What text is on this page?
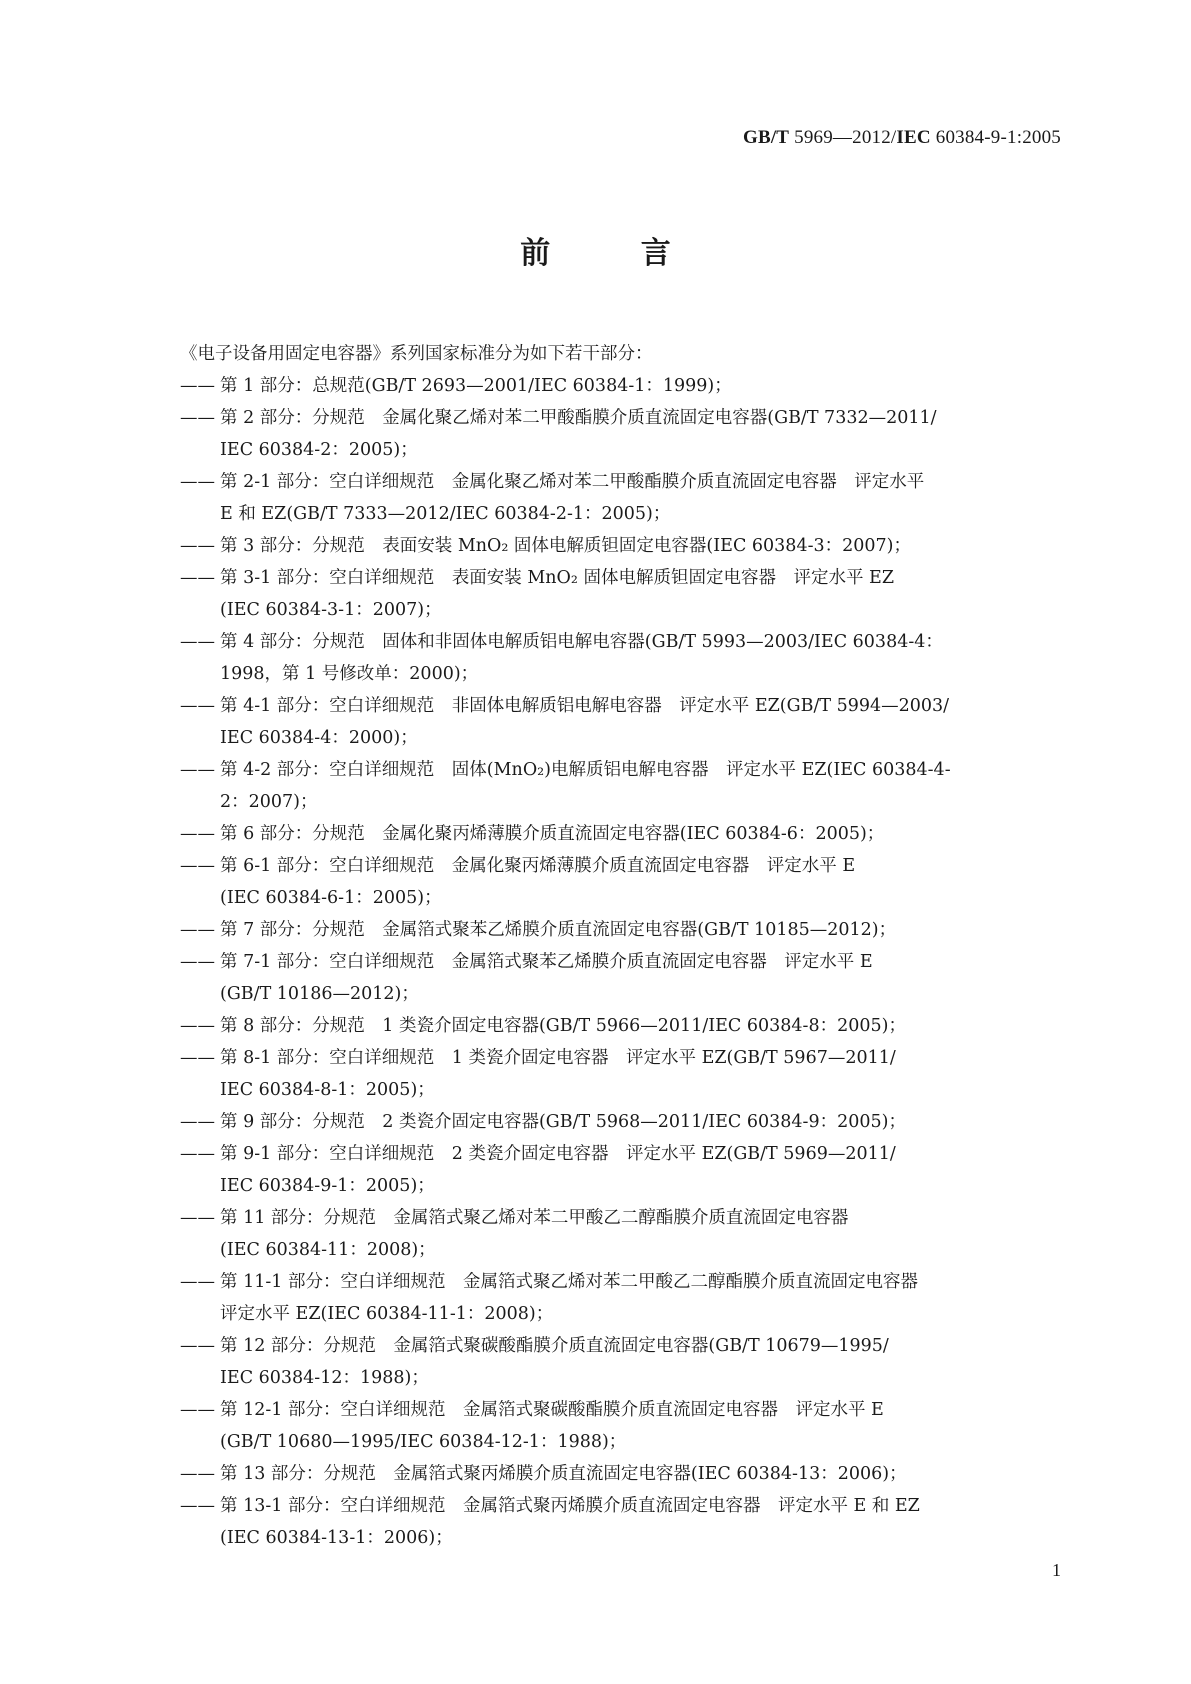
GB/T 5969—2012/IEC 60384-9-1:2005
前 言
《电子设备用固定电容器》系列国家标准分为如下若干部分：
—— 第 1 部分：总规范(GB/T 2693—2001/IEC 60384-1：1999)；
—— 第 2 部分：分规范　金属化聚乙烯对苯二甲酸酯膜介质直流固定电容器(GB/T 7332—2011/
IEC 60384-2：2005)；
—— 第 2-1 部分：空白详细规范　金属化聚乙烯对苯二甲酸酯膜介质直流固定电容器　评定水平
E 和 EZ(GB/T 7333—2012/IEC 60384-2-1：2005)；
—— 第 3 部分：分规范　表面安装 MnO₂ 固体电解质钽固定电容器(IEC 60384-3：2007)；
—— 第 3-1 部分：空白详细规范　表面安装 MnO₂ 固体电解质钽固定电容器　评定水平 EZ
(IEC 60384-3-1：2007)；
—— 第 4 部分：分规范　固体和非固体电解质铝电解电容器(GB/T 5993—2003/IEC 60384-4：
1998，第 1 号修改单：2000)；
—— 第 4-1 部分：空白详细规范　非固体电解质铝电解电容器　评定水平 EZ(GB/T 5994—2003/
IEC 60384-4：2000)；
—— 第 4-2 部分：空白详细规范　固体(MnO₂)电解质铝电解电容器　评定水平 EZ(IEC 60384-4-
2：2007)；
—— 第 6 部分：分规范　金属化聚丙烯薄膜介质直流固定电容器(IEC 60384-6：2005)；
—— 第 6-1 部分：空白详细规范　金属化聚丙烯薄膜介质直流固定电容器　评定水平 E
(IEC 60384-6-1：2005)；
—— 第 7 部分：分规范　金属箔式聚苯乙烯膜介质直流固定电容器(GB/T 10185—2012)；
—— 第 7-1 部分：空白详细规范　金属箔式聚苯乙烯膜介质直流固定电容器　评定水平 E
(GB/T 10186—2012)；
—— 第 8 部分：分规范　1 类瓷介固定电容器(GB/T 5966—2011/IEC 60384-8：2005)；
—— 第 8-1 部分：空白详细规范　1 类瓷介固定电容器　评定水平 EZ(GB/T 5967—2011/
IEC 60384-8-1：2005)；
—— 第 9 部分：分规范　2 类瓷介固定电容器(GB/T 5968—2011/IEC 60384-9：2005)；
—— 第 9-1 部分：空白详细规范　2 类瓷介固定电容器　评定水平 EZ(GB/T 5969—2011/
IEC 60384-9-1：2005)；
—— 第 11 部分：分规范　金属箔式聚乙烯对苯二甲酸乙二醇酯膜介质直流固定电容器
(IEC 60384-11：2008)；
—— 第 11-1 部分：空白详细规范　金属箔式聚乙烯对苯二甲酸乙二醇酯膜介质直流固定电容器
评定水平 EZ(IEC 60384-11-1：2008)；
—— 第 12 部分：分规范　金属箔式聚碳酸酯膜介质直流固定电容器(GB/T 10679—1995/
IEC 60384-12：1988)；
—— 第 12-1 部分：空白详细规范　金属箔式聚碳酸酯膜介质直流固定电容器　评定水平 E
(GB/T 10680—1995/IEC 60384-12-1：1988)；
—— 第 13 部分：分规范　金属箔式聚丙烯膜介质直流固定电容器(IEC 60384-13：2006)；
—— 第 13-1 部分：空白详细规范　金属箔式聚丙烯膜介质直流固定电容器　评定水平 E 和 EZ
(IEC 60384-13-1：2006)；
1
